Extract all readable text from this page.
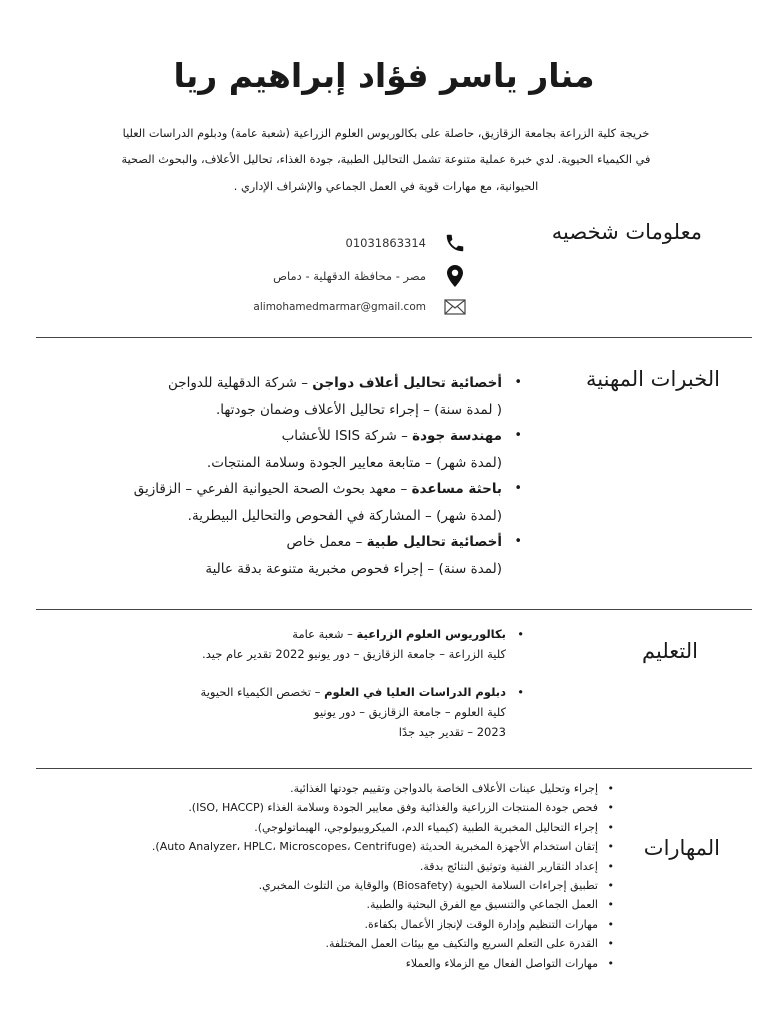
منار ياسر فؤاد إبراهيم ريا

خريجة كلية الزراعة بجامعة الزقازيق، حاصلة على بكالوريوس العلوم الزراعية (شعبة عامة) ودبلوم الدراسات العليا في الكيمياء الحيوية. لدي خبرة عملية متنوعة تشمل التحاليل الطبية، جودة الغذاء، تحاليل الأعلاف، والبحوث الصحية الحيوانية، مع مهارات قوية في العمل الجماعي والإشراف الإداري .

معلومات شخصيه
01031863314
مصر - محافظة الدقهلية - دماص
alimohamedmarmar@gmail.com
الخبرات المهنية
•
أخصائية تحاليل أعلاف دواجن – شركة الدقهلية للدواجن
( لمدة سنة) – إجراء تحاليل الأعلاف وضمان جودتها.
•
مهندسة جودة – شركة ISIS للأعشاب
(لمدة شهر) – متابعة معايير الجودة وسلامة المنتجات.
•
باحثة مساعدة – معهد بحوث الصحة الحيوانية الفرعي – الزقازيق
(لمدة شهر) – المشاركة في الفحوص والتحاليل البيطرية.
•
أخصائية تحاليل طبية – معمل خاص
(لمدة سنة) – إجراء فحوص مخبرية متنوعة بدقة عالية
التعليم
•
بكالوريوس العلوم الزراعية – شعبة عامة
كلية الزراعة – جامعة الزقازيق – دور يونيو 2022 تقدير عام جيد.
•
دبلوم الدراسات العليا في العلوم – تخصص الكيمياء الحيوية
كلية العلوم – جامعة الزقازيق – دور يونيو
2023 – تقدير جيد جدًا
المهارات
•
إجراء وتحليل عينات الأعلاف الخاصة بالدواجن وتقييم جودتها الغذائية.
•
فحص جودة المنتجات الزراعية والغذائية وفق معايير الجودة وسلامة الغذاء (ISO, HACCP).
•
إجراء التحاليل المخبرية الطبية (كيمياء الدم، الميكروبيولوجي، الهيماتولوجي).
•
إتقان استخدام الأجهزة المخبرية الحديثة (Auto Analyzer، HPLC، Microscopes، Centrifuge).
•
إعداد التقارير الفنية وتوثيق النتائج بدقة.
•
تطبيق إجراءات السلامة الحيوية (Biosafety) والوقاية من التلوث المخبري.
•
العمل الجماعي والتنسيق مع الفرق البحثية والطبية.
•
مهارات التنظيم وإدارة الوقت لإنجاز الأعمال بكفاءة.
•
القدرة على التعلم السريع والتكيف مع بيئات العمل المختلفة.
•
مهارات التواصل الفعال مع الزملاء والعملاء
